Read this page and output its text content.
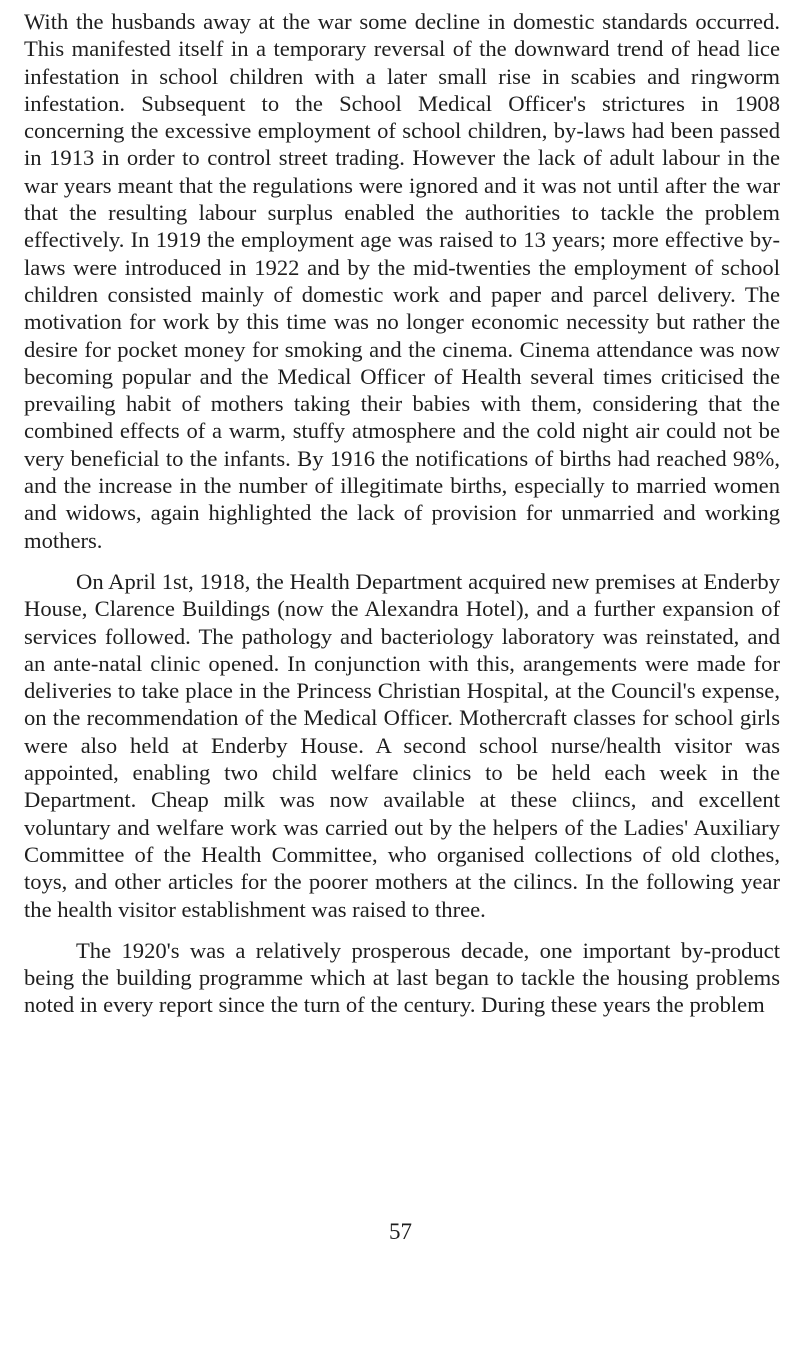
With the husbands away at the war some decline in domestic standards occurred. This manifested itself in a temporary reversal of the downward trend of head lice infestation in school children with a later small rise in scabies and ringworm infestation. Subsequent to the School Medical Officer's strictures in 1908 concerning the excessive employment of school children, by-laws had been passed in 1913 in order to control street trading. However the lack of adult labour in the war years meant that the regulations were ignored and it was not until after the war that the resulting labour surplus enabled the authorities to tackle the problem effectively. In 1919 the employment age was raised to 13 years; more effective by-laws were introduced in 1922 and by the mid-twenties the employment of school children consisted mainly of domestic work and paper and parcel delivery. The motivation for work by this time was no longer economic necessity but rather the desire for pocket money for smoking and the cinema. Cinema attendance was now becoming popular and the Medical Officer of Health several times criticised the prevailing habit of mothers taking their babies with them, considering that the combined effects of a warm, stuffy atmosphere and the cold night air could not be very beneficial to the infants. By 1916 the notifications of births had reached 98%, and the increase in the number of illegitimate births, especially to married women and widows, again highlighted the lack of provision for unmarried and working mothers.

On April 1st, 1918, the Health Department acquired new premises at Enderby House, Clarence Buildings (now the Alexandra Hotel), and a further expansion of services followed. The pathology and bacteriology laboratory was reinstated, and an ante-natal clinic opened. In conjunction with this, arangements were made for deliveries to take place in the Princess Christian Hospital, at the Council's expense, on the recommendation of the Medical Officer. Mothercraft classes for school girls were also held at Enderby House. A second school nurse/health visitor was appointed, enabling two child welfare clinics to be held each week in the Department. Cheap milk was now available at these cliincs, and excellent voluntary and welfare work was carried out by the helpers of the Ladies' Auxiliary Committee of the Health Committee, who organised collections of old clothes, toys, and other articles for the poorer mothers at the cilincs. In the following year the health visitor establishment was raised to three.

The 1920's was a relatively prosperous decade, one important by-product being the building programme which at last began to tackle the housing problems noted in every report since the turn of the century. During these years the problem

57
